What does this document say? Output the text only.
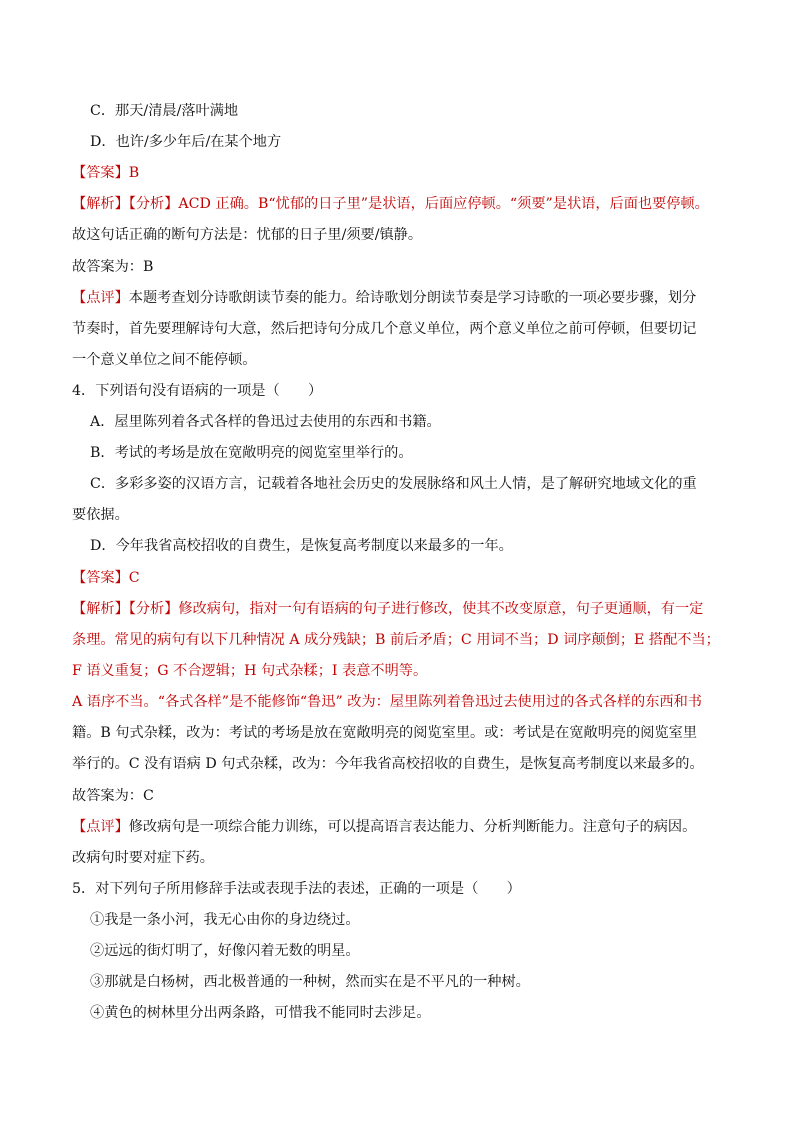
C．那天/清晨/落叶满地
D．也许/多少年后/在某个地方
【答案】B
【解析】【分析】ACD 正确。B“忧郁的日子里”是状语，后面应停顿。“须要”是状语，后面也要停顿。
故这句话正确的断句方法是：忧郁的日子里/须要/镇静。
故答案为：B
【点评】本题考查划分诗歌朗读节奏的能力。给诗歌划分朗读节奏是学习诗歌的一项必要步骤，划分
节奏时，首先要理解诗句大意，然后把诗句分成几个意义单位，两个意义单位之前可停顿，但要切记
一个意义单位之间不能停顿。
4．下列语句没有语病的一项是（　　）
A．屋里陈列着各式各样的鲁迅过去使用的东西和书籍。
B．考试的考场是放在宽敞明亮的阅览室里举行的。
C．多彩多姿的汉语方言，记载着各地社会历史的发展脉络和风土人情，是了解研究地域文化的重
要依据。
D．今年我省高校招收的自费生，是恢复高考制度以来最多的一年。
【答案】C
【解析】【分析】修改病句，指对一句有语病的句子进行修改，使其不改变原意，句子更通顺，有一定
条理。常见的病句有以下几种情况 A 成分残缺；B 前后矛盾；C 用词不当；D 词序颠倒；E 搭配不当；
F 语义重复；G 不合逻辑；H 句式杂糅；I 表意不明等。
A 语序不当。“各式各样”是不能修饰“鲁迅” 改为：屋里陈列着鲁迅过去使用过的各式各样的东西和书
籍。B 句式杂糅，改为：考试的考场是放在宽敞明亮的阅览室里。或：考试是在宽敞明亮的阅览室里
举行的。C 没有语病 D 句式杂糅，改为：今年我省高校招收的自费生，是恢复高考制度以来最多的。
故答案为：C
【点评】修改病句是一项综合能力训练，可以提高语言表达能力、分析判断能力。注意句子的病因。
改病句时要对症下药。
5．对下列句子所用修辞手法或表现手法的表述，正确的一项是（　　）
①我是一条小河，我无心由你的身边绕过。
②远远的街灯明了，好像闪着无数的明星。
③那就是白杨树，西北极普通的一种树，然而实在是不平凡的一种树。
④黄色的树林里分出两条路，可惜我不能同时去涉足。
